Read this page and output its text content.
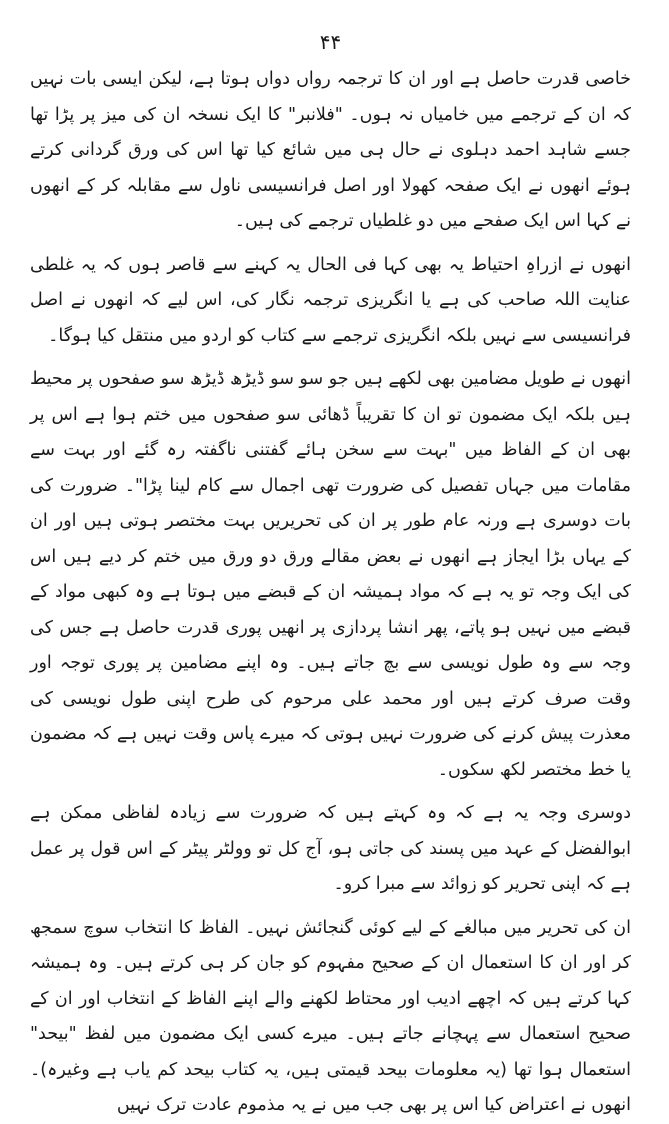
۴۴

خاصی قدرت حاصل ہے اور ان کا ترجمہ رواں دواں ہوتا ہے، لیکن ایسی بات نہیں کہ ان کے ترجمے میں خامیاں نہ ہوں۔ "فلانبر" کا ایک نسخہ ان کی میز پر پڑا تھا جسے شاہد احمد دہلوی نے حال ہی میں شائع کیا تھا اس کی ورق گردانی کرتے ہوئے انھوں نے ایک صفحہ کھولا اور اصل فرانسیسی ناول سے مقابلہ کر کے انھوں نے کہا اس ایک صفحے میں دو غلطیاں ترجمے کی ہیں۔

انھوں نے ازراہِ احتیاط یہ بھی کہا فی الحال یہ کہنے سے قاصر ہوں کہ یہ غلطی عنایت اللہ صاحب کی ہے یا انگریزی ترجمہ نگار کی، اس لیے کہ انھوں نے اصل فرانسیسی سے نہیں بلکہ انگریزی ترجمے سے کتاب کو اردو میں منتقل کیا ہوگا۔

انھوں نے طویل مضامین بھی لکھے ہیں جو سو سو ڈیڑھ ڈیڑھ سو صفحوں پر محیط ہیں بلکہ ایک مضمون تو ان کا تقریباً ڈھائی سو صفحوں میں ختم ہوا ہے اس پر بھی ان کے الفاظ میں "بہت سے سخن ہائے گفتنی ناگفتہ رہ گئے اور بہت سے مقامات میں جہاں تفصیل کی ضرورت تھی اجمال سے کام لینا پڑا"۔ ضرورت کی بات دوسری ہے ورنہ عام طور پر ان کی تحریریں بہت مختصر ہوتی ہیں اور ان کے یہاں بڑا ایجاز ہے انھوں نے بعض مقالے ورق دو ورق میں ختم کر دیے ہیں اس کی ایک وجہ تو یہ ہے کہ مواد ہمیشہ ان کے قبضے میں ہوتا ہے وہ کبھی مواد کے قبضے میں نہیں ہو پاتے، پھر انشا پردازی پر انھیں پوری قدرت حاصل ہے جس کی وجہ سے وہ طول نویسی سے بچ جاتے ہیں۔ وہ اپنے مضامین پر پوری توجہ اور وقت صرف کرتے ہیں اور محمد علی مرحوم کی طرح اپنی طول نویسی کی معذرت پیش کرنے کی ضرورت نہیں ہوتی کہ میرے پاس وقت نہیں ہے کہ مضمون یا خط مختصر لکھ سکوں۔

دوسری وجہ یہ ہے کہ وہ کہتے ہیں کہ ضرورت سے زیادہ لفاظی ممکن ہے ابوالفضل کے عہد میں پسند کی جاتی ہو، آج کل تو وولٹر پیٹر کے اس قول پر عمل ہے کہ اپنی تحریر کو زوائد سے مبرا کرو۔

ان کی تحریر میں مبالغے کے لیے کوئی گنجائش نہیں۔ الفاظ کا انتخاب سوچ سمجھ کر اور ان کا استعمال ان کے صحیح مفہوم کو جان کر ہی کرتے ہیں۔ وہ ہمیشہ کہا کرتے ہیں کہ اچھے ادیب اور محتاط لکھنے والے اپنے الفاظ کے انتخاب اور ان کے صحیح استعمال سے پہچانے جاتے ہیں۔ میرے کسی ایک مضمون میں لفظ "بیحد" استعمال ہوا تھا (یہ معلومات بیحد قیمتی ہیں، یہ کتاب بیحد کم یاب ہے وغیرہ)۔ انھوں نے اعتراض کیا اس پر بھی جب میں نے یہ مذموم عادت ترک نہیں
